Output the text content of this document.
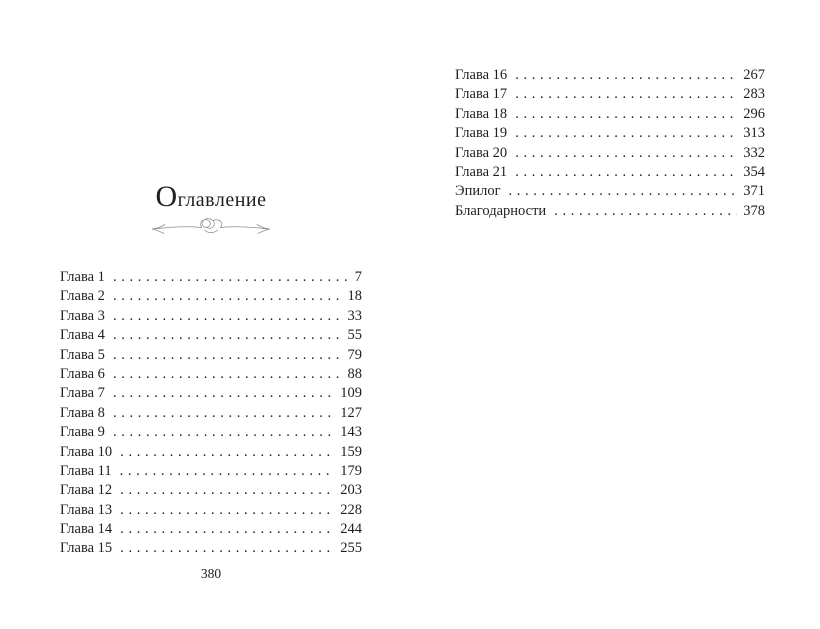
Оглавление
Глава 1 . . .	7
Глава 2 . . .	18
Глава 3 . . .	33
Глава 4 . . .	55
Глава 5 . . .	79
Глава 6 . . .	88
Глава 7 . . .	109
Глава 8 . . .	127
Глава 9 . . .	143
Глава 10 . . .	159
Глава 11 . . .	179
Глава 12 . . .	203
Глава 13 . . .	228
Глава 14 . . .	244
Глава 15 . . .	255
Глава 16 . . .	267
Глава 17 . . .	283
Глава 18 . . .	296
Глава 19 . . .	313
Глава 20 . . .	332
Глава 21 . . .	354
Эпилог . . .	371
Благодарности . . .	378
380
